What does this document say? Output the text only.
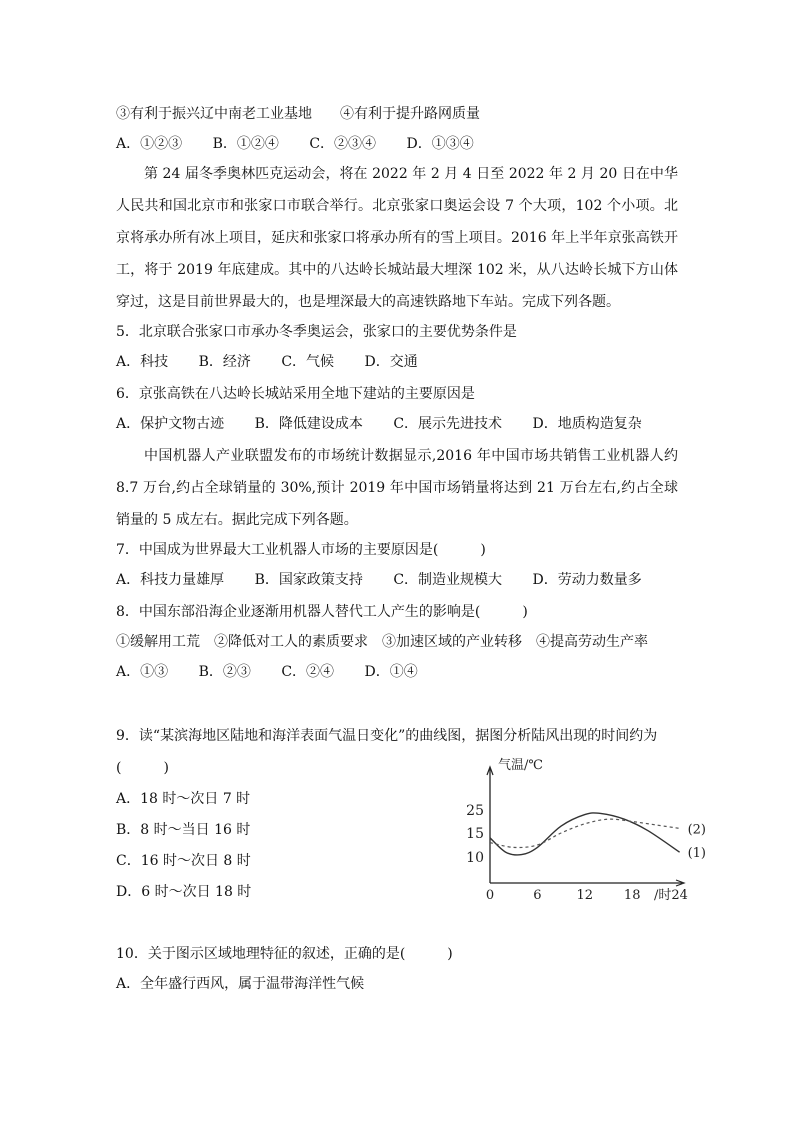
③有利于振兴辽中南老工业基地　　④有利于提升路网质量
A．①②③ B．①②④ C．②③④ D．①③④
第 24 届冬季奥林匹克运动会，将在 2022 年 2 月 4 日至 2022 年 2 月 20 日在中华人民共和国北京市和张家口市联合举行。北京张家口奥运会设 7 个大项，102 个小项。北京将承办所有冰上项目，延庆和张家口将承办所有的雪上项目。2016 年上半年京张高铁开工，将于 2019 年底建成。其中的八达岭长城站最大埋深 102 米，从八达岭长城下方山体穿过，这是目前世界最大的，也是埋深最大的高速铁路地下车站。完成下列各题。
5．北京联合张家口市承办冬季奥运会，张家口的主要优势条件是
A．科技 B．经济 C．气候 D．交通
6．京张高铁在八达岭长城站采用全地下建站的主要原因是
A．保护文物古迹 B．降低建设成本 C．展示先进技术 D．地质构造复杂
中国机器人产业联盟发布的市场统计数据显示,2016 年中国市场共销售工业机器人约 8.7 万台,约占全球销量的 30%,预计 2019 年中国市场销量将达到 21 万台左右,约占全球销量的 5 成左右。据此完成下列各题。
7．中国成为世界最大工业机器人市场的主要原因是(　　　)
A．科技力量雄厚 B．国家政策支持 C．制造业规模大 D．劳动力数量多
8．中国东部沿海企业逐渐用机器人替代工人产生的影响是(　　　)
①缓解用工荒　②降低对工人的素质要求　③加速区域的产业转移　④提高劳动生产率
A．①③ B．②③ C．②④ D．①④
9．读“某滨海地区陆地和海洋表面气温日变化”的曲线图，据图分析陆风出现的时间约为
(　　　)
A．18 时～次日 7 时
B．8 时～当日 16 时
C．16 时～次日 8 时
D．6 时～次日 18 时
气温/℃
/时
0	6	12 18 24
25
15
10	(1)
(2)
10．关于图示区域地理特征的叙述，正确的是(　　　)
A．全年盛行西风，属于温带海洋性气候
